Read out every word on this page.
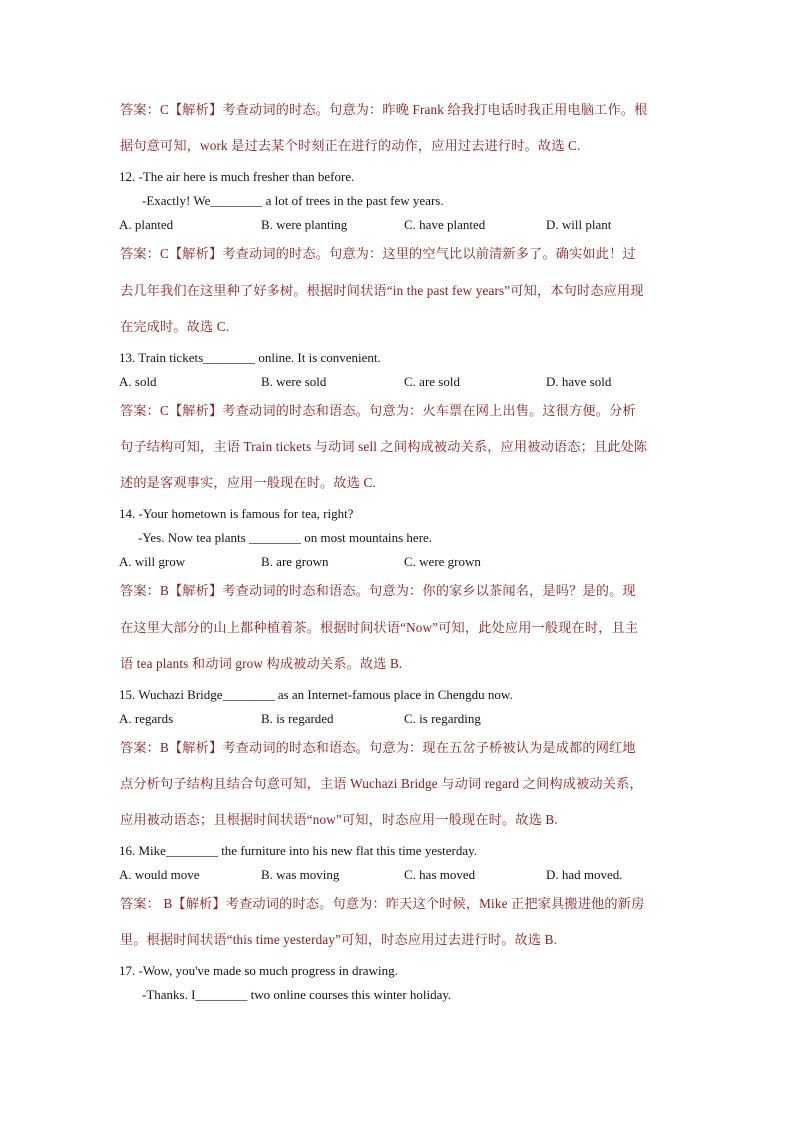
答案：C【解析】考查动词的时态。句意为：昨晚 Frank 给我打电话时我正用电脑工作。根
据句意可知，work 是过去某个时刻正在进行的动作，应用过去进行时。故选 C.
12. -The air here is much fresher than before.
-Exactly! We________ a lot of trees in the past few years.
A. planted	B. were planting	C. have planted	D. will plant
答案：C【解析】考查动词的时态。句意为：这里的空气比以前清新多了。确实如此！过
去几年我们在这里种了好多树。根据时间状语“in the past few years”可知，本句时态应用现
在完成时。故选 C.
13. Train tickets________ online. It is convenient.
A. sold	B. were sold	C. are sold	D. have sold
答案：C【解析】考查动词的时态和语态。句意为：火车票在网上出售。这很方便。分析
句子结构可知，主语 Train tickets 与动词 sell 之间构成被动关系，应用被动语态；且此处陈
述的是客观事实，应用一般现在时。故选 C.
14. -Your hometown is famous for tea, right?
-Yes. Now tea plants ________ on most mountains here.
A. will grow	B. are grown	C. were grown
答案：B【解析】考查动词的时态和语态。句意为：你的家乡以茶闻名，是吗？是的。现
在这里大部分的山上都种植着茶。根据时间状语“Now”可知，此处应用一般现在时，且主
语 tea plants 和动词 grow 构成被动关系。故选 B.
15. Wuchazi Bridge________ as an Internet-famous place in Chengdu now.
A. regards	B. is regarded	C. is regarding
答案：B【解析】考查动词的时态和语态。句意为：现在五岔子桥被认为是成都的网红地
点分析句子结构且结合句意可知，主语 Wuchazi Bridge 与动词 regard 之间构成被动关系，
应用被动语态；且根据时间状语“now”可知，时态应用一般现在时。故选 B.
16. Mike________ the furniture into his new flat this time yesterday.
A. would move	B. was moving	C. has moved	D. had moved.
答案： B【解析】考查动词的时态。句意为：昨天这个时候，Mike 正把家具搬进他的新房
里。根据时间状语“this time yesterday”可知，时态应用过去进行时。故选 B.
17. -Wow, you've made so much progress in drawing.
-Thanks. I________ two online courses this winter holiday.
